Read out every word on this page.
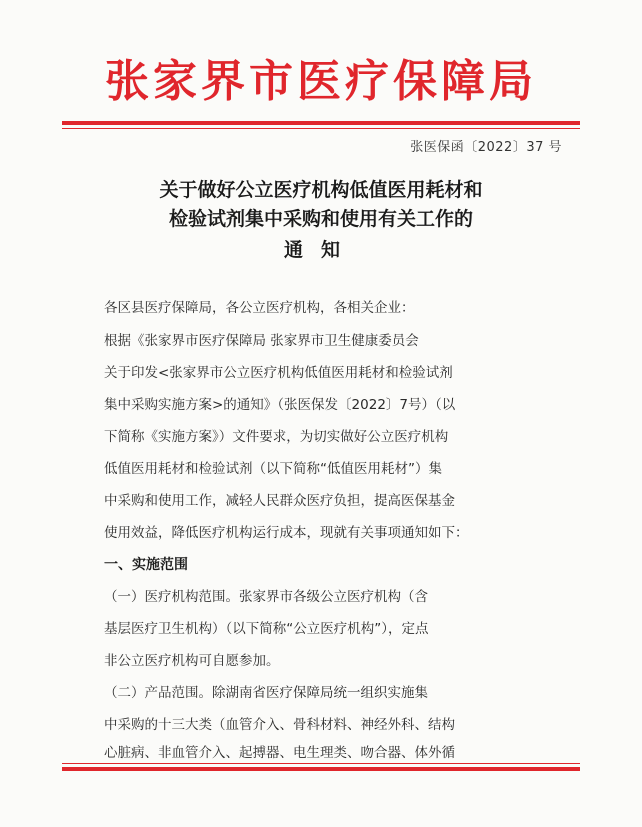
张家界市医疗保障局
张医保函〔2022〕37 号
关于做好公立医疗机构低值医用耗材和
检验试剂集中采购和使用有关工作的
通知
各区县医疗保障局，各公立医疗机构，各相关企业：
根据《张家界市医疗保障局 张家界市卫生健康委员会
关于印发<张家界市公立医疗机构低值医用耗材和检验试剂
集中采购实施方案>的通知》（张医保发〔2022〕7号）（以
下简称《实施方案》）文件要求，为切实做好公立医疗机构
低值医用耗材和检验试剂（以下简称“低值医用耗材”）集
中采购和使用工作，减轻人民群众医疗负担，提高医保基金
使用效益，降低医疗机构运行成本，现就有关事项通知如下：
一、实施范围
（一）医疗机构范围。张家界市各级公立医疗机构（含
基层医疗卫生机构）（以下简称“公立医疗机构”），定点
非公立医疗机构可自愿参加。
（二）产品范围。除湖南省医疗保障局统一组织实施集
中采购的十三大类（血管介入、骨科材料、神经外科、结构
心脏病、非血管介入、起搏器、电生理类、吻合器、体外循
